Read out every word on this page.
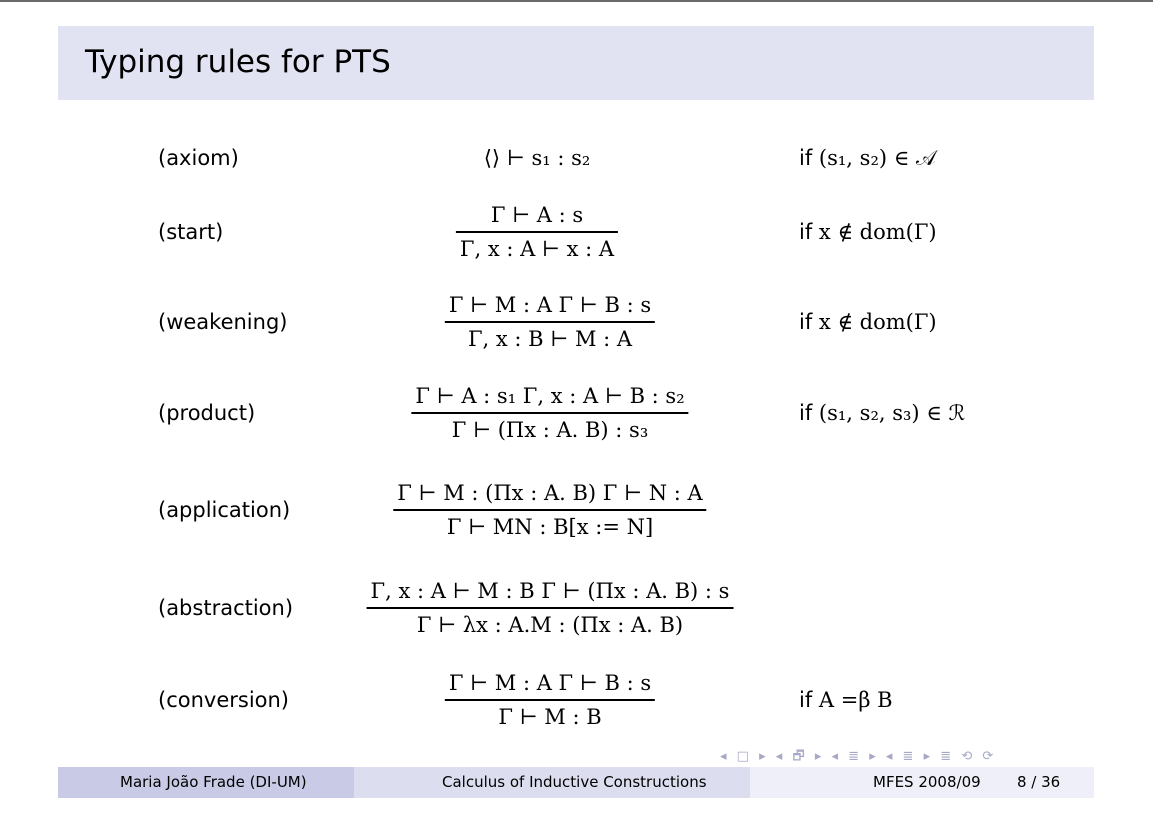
Typing rules for PTS
(axiom)	⟨⟩ ⊢ s₁ : s₂	if (s₁, s₂) ∈ 𝒜
(start)
Γ ⊢ A : s
Γ, x : A ⊢ x : A
if x ∉ dom(Γ)
(weakening)
Γ ⊢ M : A Γ ⊢ B : s
Γ, x : B ⊢ M : A
if x ∉ dom(Γ)
(product)
Γ ⊢ A : s₁ Γ, x : A ⊢ B : s₂
Γ ⊢ (Πx : A. B) : s₃
if (s₁, s₂, s₃) ∈ ℛ
(application)
Γ ⊢ M : (Πx : A. B) Γ ⊢ N : A
Γ ⊢ MN : B[x := N]
(abstraction)
Γ, x : A ⊢ M : B Γ ⊢ (Πx : A. B) : s
Γ ⊢ λx : A.M : (Πx : A. B)
(conversion)
Γ ⊢ M : A Γ ⊢ B : s
Γ ⊢ M : B
if A =β B
◂ □ ▸ ◂ 🗗 ▸ ◂ ≣ ▸ ◂ ≣ ▸ ≣ ⟲ ⟳
Maria João Frade (DI-UM)	Calculus of Inductive Constructions	MFES 2008/09 8 / 36
